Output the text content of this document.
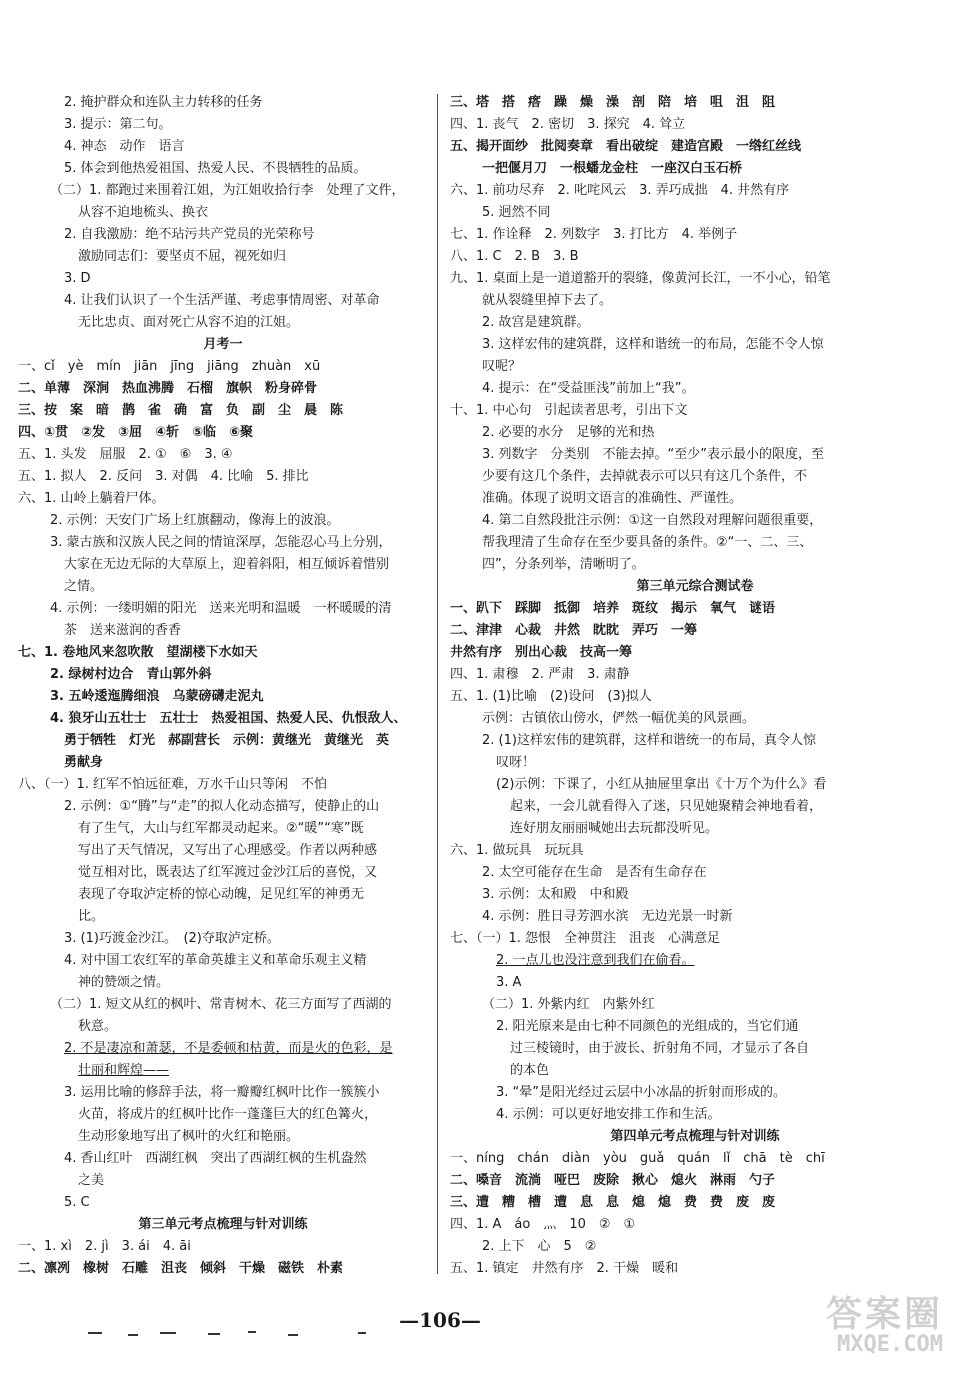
2. 掩护群众和连队主力转移的任务
3. 提示：第二句。
4. 神态　动作　语言
5. 体会到他热爱祖国、热爱人民、不畏牺牲的品质。
（二）1. 都跑过来围着江姐，为江姐收拾行李　处理了文件，
从容不迫地梳头、换衣
2. 自我激励：绝不玷污共产党员的光荣称号
激励同志们：要坚贞不屈，视死如归
3. D
4. 让我们认识了一个生活严谨、考虑事情周密、对革命
无比忠贞、面对死亡从容不迫的江姐。
月考一
一、cǐ　yè　mín　jiān　jīng　jiāng　zhuàn　xū
二、单薄　深涧　热血沸腾　石榴　旗帜　粉身碎骨
三、按　案　暗　鹊　雀　确　富　负　副　尘　晨　陈
四、①贯　②发　③屈　④斩　⑤临　⑥聚
五、1. 头发　屈服　2. ①　⑥　3. ④
五、1. 拟人　2. 反问　3. 对偶　4. 比喻　5. 排比
六、1. 山岭上躺着尸体。
2. 示例：天安门广场上红旗翻动，像海上的波浪。
3. 蒙古族和汉族人民之间的情谊深厚，怎能忍心马上分别，
大家在无边无际的大草原上，迎着斜阳，相互倾诉着惜别
之情。
4. 示例：一缕明媚的阳光　送来光明和温暖　一杯暖暖的清
茶　送来滋润的香香
七、1. 卷地风来忽吹散　望湖楼下水如天
2. 绿树村边合　青山郭外斜
3. 五岭逶迤腾细浪　乌蒙磅礴走泥丸
4. 狼牙山五壮士　五壮士　热爱祖国、热爱人民、仇恨敌人、
勇于牺牲　灯光　郝副营长　示例：黄继光　黄继光　英
勇献身
八、（一）1. 红军不怕远征难，万水千山只等闲　不怕
2. 示例：①“腾”与“走”的拟人化动态描写，使静止的山
有了生气，大山与红军都灵动起来。②“暖”“寒”既
写出了天气情况，又写出了心理感受。作者以两种感
觉互相对比，既表达了红军渡过金沙江后的喜悦，又
表现了夺取泸定桥的惊心动魄，足见红军的神勇无
比。
3. (1)巧渡金沙江。　(2)夺取泸定桥。
4. 对中国工农红军的革命英雄主义和革命乐观主义精
神的赞颂之情。
（二）1. 短文从红的枫叶、常青树木、花三方面写了西湖的
秋意。
2. 不是凄凉和萧瑟，不是委顿和枯黄，而是火的色彩，是
壮丽和辉煌——
3. 运用比喻的修辞手法，将一瓣瓣红枫叶比作一簇簇小
火苗，将成片的红枫叶比作一蓬蓬巨大的红色篝火，
生动形象地写出了枫叶的火红和艳丽。
4. 香山红叶　西湖红枫　突出了西湖红枫的生机盎然
之美
5. C
第三单元考点梳理与针对训练
一、1. xì　2. jì　3. ái　4. āi
二、凛冽　橡树　石雕　沮丧　倾斜　干燥　磁铁　朴素
三、塔　搭　瘩　躁　燥　澡　剖　陪　培　咀　沮　阻
四、1. 丧气　2. 密切　3. 探究　4. 耸立
五、揭开面纱　批阅奏章　看出破绽　建造宫殿　一绺红丝线
一把偃月刀　一根蟠龙金柱　一座汉白玉石桥
六、1. 前功尽弃　2. 叱咤风云　3. 弄巧成拙　4. 井然有序
5. 迥然不同
七、1. 作诠释　2. 列数字　3. 打比方　4. 举例子
八、1. C　2. B　3. B
九、1. 桌面上是一道道豁开的裂缝，像黄河长江，一不小心，铅笔
就从裂缝里掉下去了。
2. 故宫是建筑群。
3. 这样宏伟的建筑群，这样和谐统一的布局，怎能不令人惊
叹呢？
4. 提示：在“受益匪浅”前加上“我”。
十、1. 中心句　引起读者思考，引出下文
2. 必要的水分　足够的光和热
3. 列数字　分类别　不能去掉。“至少”表示最小的限度，至
少要有这几个条件，去掉就表示可以只有这几个条件，不
准确。体现了说明文语言的准确性、严谨性。
4. 第二自然段批注示例：①这一自然段对理解问题很重要，
帮我理清了生命存在至少要具备的条件。②“一、二、三、
四”，分条列举，清晰明了。
第三单元综合测试卷
一、趴下　踩脚　抵御　培养　斑纹　揭示　氧气　谜语
二、津津　心裁　井然　眈眈　弄巧　一筹
井然有序　别出心裁　技高一筹
四、1. 肃穆　2. 严肃　3. 肃静
五、1. (1)比喻　(2)设问　(3)拟人
示例：古镇依山傍水，俨然一幅优美的风景画。
2. (1)这样宏伟的建筑群，这样和谐统一的布局，真令人惊
叹呀！
(2)示例：下课了，小红从抽屉里拿出《十万个为什么》看
起来，一会儿就看得入了迷，只见她聚精会神地看着，
连好朋友丽丽喊她出去玩都没听见。
六、1. 做玩具　玩玩具
2. 太空可能存在生命　是否有生命存在
3. 示例：太和殿　中和殿
4. 示例：胜日寻芳泗水滨　无边光景一时新
七、（一）1. 怨恨　全神贯注　沮丧　心满意足
2. 一点儿也没注意到我们在偷看。
3. A
（二）1. 外紫内红　内紫外红
2. 阳光原来是由七种不同颜色的光组成的，当它们通
过三棱镜时，由于波长、折射角不同，才显示了各自
的本色
3. “晕”是阳光经过云层中小冰晶的折射而形成的。
4. 示例：可以更好地安排工作和生活。
第四单元考点梳理与针对训练
一、níng　chán　diàn　yòu　guǎ　quán　lǐ　chā　tè　chī
二、嗓音　流淌　哑巴　废除　揪心　熄火　淋雨　勺子
三、遭　糟　槽　遭　息　息　熄　熄　费　费　废　废
四、1. A　áo　灬　10　②　①
2. 上下　心　5　②
五、1. 镇定　井然有序　2. 干燥　暖和
—106—	答案圈
MXQE.COM
